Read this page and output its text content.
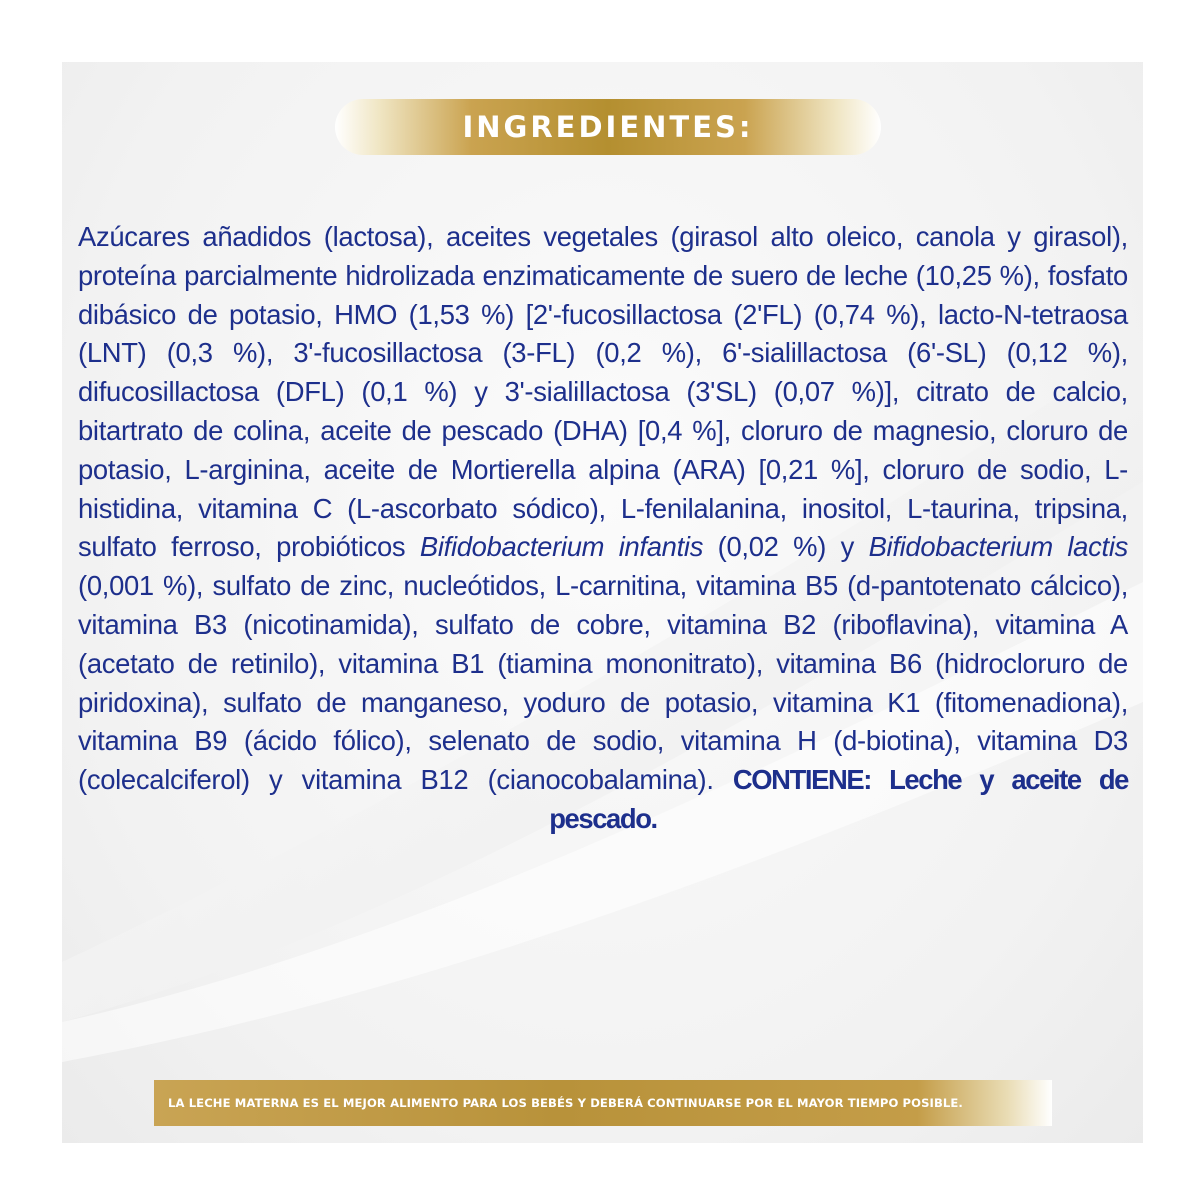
INGREDIENTES:
Azúcares añadidos (lactosa), aceites vegetales (girasol alto oleico, canola y girasol), proteína parcialmente hidrolizada enzimaticamente de suero de leche (10,25 %), fosfato dibásico de potasio, HMO (1,53 %) [2'-fucosillactosa (2'FL) (0,74 %), lacto-N-tetraosa (LNT) (0,3 %), 3'-fucosillactosa (3-FL) (0,2 %), 6'-sialillactosa (6'-SL) (0,12 %), difucosillactosa (DFL) (0,1 %) y 3'-sialillactosa (3'SL) (0,07 %)], citrato de calcio, bitartrato de colina, aceite de pescado (DHA) [0,4 %], cloruro de magnesio, cloruro de potasio, L-arginina, aceite de Mortierella alpina (ARA) [0,21 %], cloruro de sodio, L-histidina, vitamina C (L-ascorbato sódico), L-fenilalanina, inositol, L-taurina, tripsina, sulfato ferroso, probióticos Bifidobacterium infantis (0,02 %) y Bifidobacterium lactis (0,001 %), sulfato de zinc, nucleótidos, L-carnitina, vitamina B5 (d-pantotenato cálcico), vitamina B3 (nicotinamida), sulfato de cobre, vitamina B2 (riboflavina), vitamina A (acetato de retinilo), vitamina B1 (tiamina mononitrato), vitamina B6 (hidrocloruro de piridoxina), sulfato de manganeso, yoduro de potasio, vitamina K1 (fitomenadiona), vitamina B9 (ácido fólico), selenato de sodio, vitamina H (d-biotina), vitamina D3 (colecalciferol) y vitamina B12 (cianocobalamina). CONTIENE: Leche y aceite de pescado.
LA LECHE MATERNA ES EL MEJOR ALIMENTO PARA LOS BEBÉS Y DEBERÁ CONTINUARSE POR EL MAYOR TIEMPO POSIBLE.
